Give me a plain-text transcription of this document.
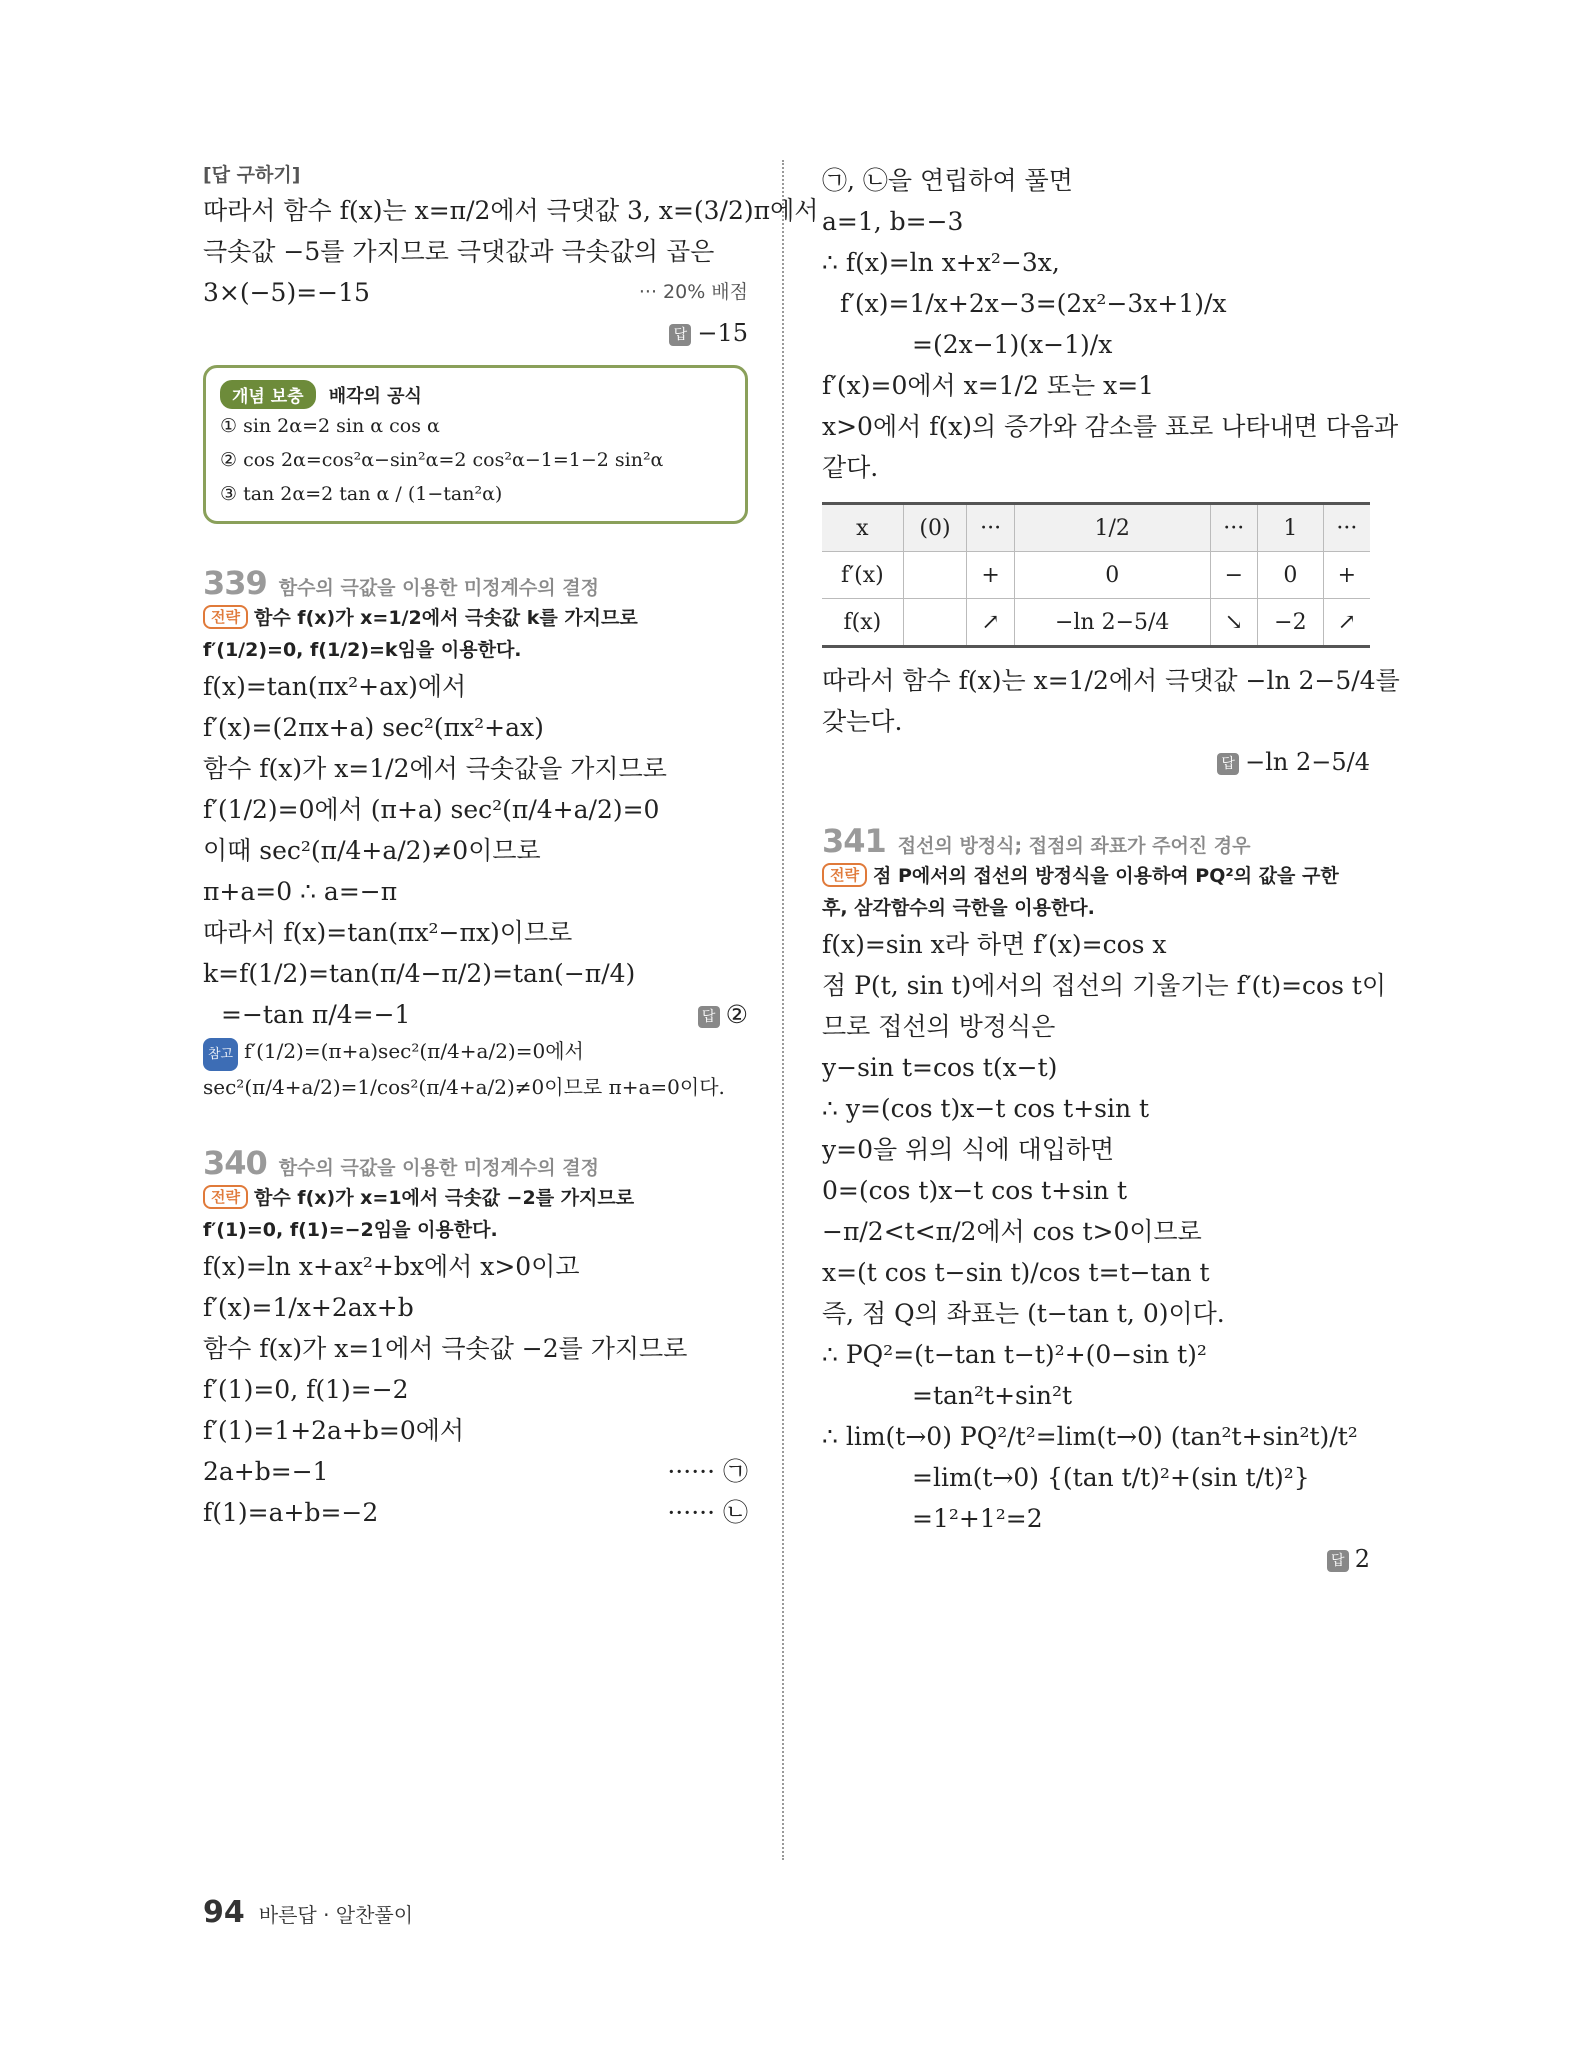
[답 구하기]
따라서 함수 f(x)는 x=π/2에서 극댓값 3, x=(3/2)π에서
극솟값 −5를 가지므로 극댓값과 극솟값의 곱은
3×(−5)=−15	··· 20% 배점
답 −15
개념 보충 배각의 공식
① sin 2α=2 sin α cos α
② cos 2α=cos²α−sin²α=2 cos²α−1=1−2 sin²α
③ tan 2α=2 tan α / (1−tan²α)
339 함수의 극값을 이용한 미정계수의 결정
전략 함수 f(x)가 x=1/2에서 극솟값 k를 가지므로
f′(1/2)=0, f(1/2)=k임을 이용한다.
f(x)=tan(πx²+ax)에서
f′(x)=(2πx+a) sec²(πx²+ax)
함수 f(x)가 x=1/2에서 극솟값을 가지므로
f′(1/2)=0에서 (π+a) sec²(π/4+a/2)=0
이때 sec²(π/4+a/2)≠0이므로
π+a=0 ∴ a=−π
따라서 f(x)=tan(πx²−πx)이므로
k=f(1/2)=tan(π/4−π/2)=tan(−π/4)
=−tan π/4=−1	답 ②
참고 f′(1/2)=(π+a)sec²(π/4+a/2)=0에서
sec²(π/4+a/2)=1/cos²(π/4+a/2)≠0이므로 π+a=0이다.
340 함수의 극값을 이용한 미정계수의 결정
전략 함수 f(x)가 x=1에서 극솟값 −2를 가지므로
f′(1)=0, f(1)=−2임을 이용한다.
f(x)=ln x+ax²+bx에서 x>0이고
f′(x)=1/x+2ax+b
함수 f(x)가 x=1에서 극솟값 −2를 가지므로
f′(1)=0, f(1)=−2
f′(1)=1+2a+b=0에서
2a+b=−1	······ ㉠
f(1)=a+b=−2	······ ㉡
㉠, ㉡을 연립하여 풀면
a=1, b=−3
∴ f(x)=ln x+x²−3x,
f′(x)=1/x+2x−3=(2x²−3x+1)/x
=(2x−1)(x−1)/x
f′(x)=0에서 x=1/2 또는 x=1
x>0에서 f(x)의 증가와 감소를 표로 나타내면 다음과
같다.
x	(0)	···	1/2	···	1	···
f′(x)		+	0	−	0	+
f(x)		↗	−ln 2−5/4	↘	−2	↗
따라서 함수 f(x)는 x=1/2에서 극댓값 −ln 2−5/4를
갖는다.
답 −ln 2−5/4
341 접선의 방정식; 접점의 좌표가 주어진 경우
전략 점 P에서의 접선의 방정식을 이용하여 PQ²의 값을 구한
후, 삼각함수의 극한을 이용한다.
f(x)=sin x라 하면 f′(x)=cos x
점 P(t, sin t)에서의 접선의 기울기는 f′(t)=cos t이
므로 접선의 방정식은
y−sin t=cos t(x−t)
∴ y=(cos t)x−t cos t+sin t
y=0을 위의 식에 대입하면
0=(cos t)x−t cos t+sin t
−π/2<t<π/2에서 cos t>0이므로
x=(t cos t−sin t)/cos t=t−tan t
즉, 점 Q의 좌표는 (t−tan t, 0)이다.
∴ PQ²=(t−tan t−t)²+(0−sin t)²
=tan²t+sin²t
∴ lim(t→0) PQ²/t²=lim(t→0) (tan²t+sin²t)/t²
=lim(t→0) {(tan t/t)²+(sin t/t)²}
=1²+1²=2
답 2
94 바른답 · 알찬풀이
